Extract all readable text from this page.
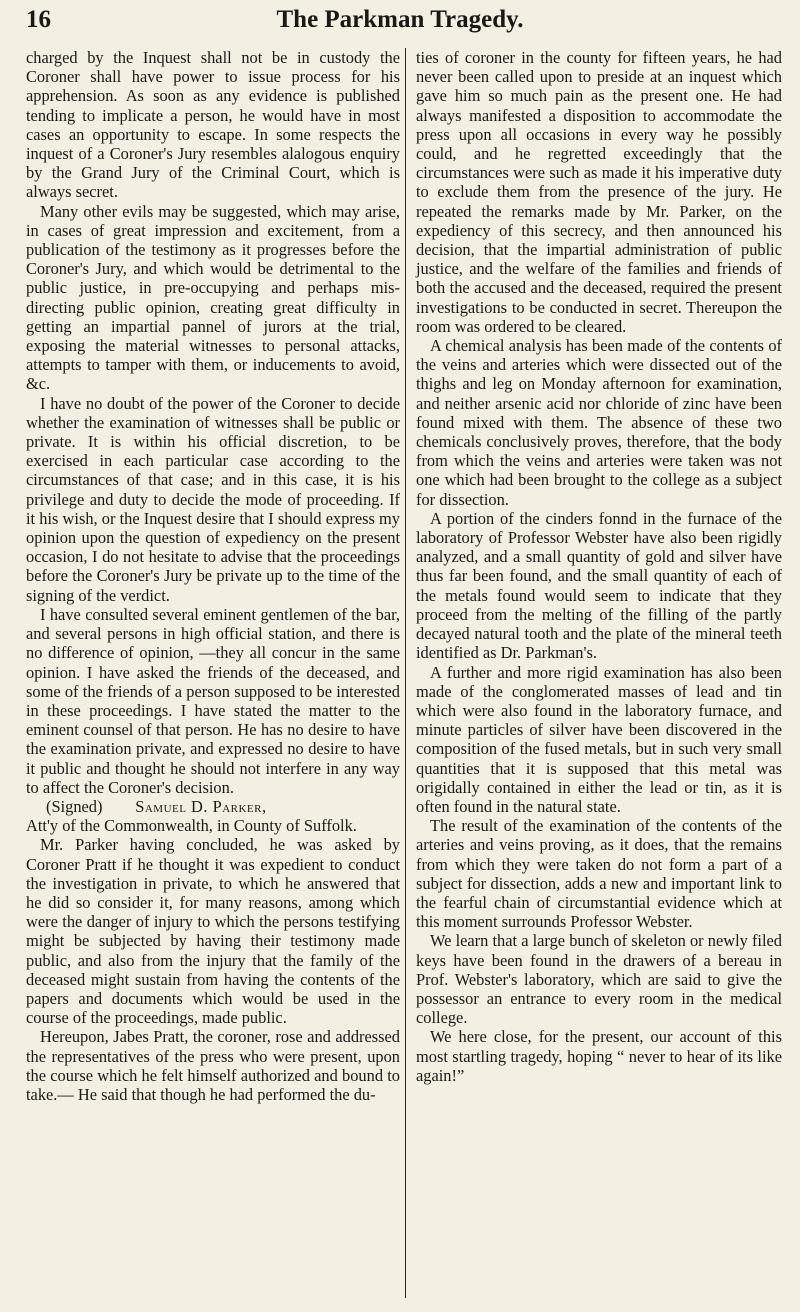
16	The Parkman Tragedy.

charged by the Inquest shall not be in custody the Coroner shall have power to issue process for his apprehension. As soon as any evidence is published tending to implicate a person, he would have in most cases an opportunity to escape. In some respects the inquest of a Coroner's Jury resembles alalogous enquiry by the Grand Jury of the Criminal Court, which is always secret.

Many other evils may be suggested, which may arise, in cases of great impression and excitement, from a publication of the testimony as it progresses before the Coroner's Jury, and which would be detrimental to the public justice, in pre-occupying and perhaps mis-directing public opinion, creating great difficulty in getting an impartial pannel of jurors at the trial, exposing the material witnesses to personal attacks, attempts to tamper with them, or inducements to avoid, &c.

I have no doubt of the power of the Coroner to decide whether the examination of witnesses shall be public or private. It is within his official discretion, to be exercised in each particular case according to the circumstances of that case; and in this case, it is his privilege and duty to decide the mode of proceeding. If it his wish, or the Inquest desire that I should express my opinion upon the question of expediency on the present occasion, I do not hesitate to advise that the proceedings before the Coroner's Jury be private up to the time of the signing of the verdict.

I have consulted several eminent gentlemen of the bar, and several persons in high official station, and there is no difference of opinion, —they all concur in the same opinion. I have asked the friends of the deceased, and some of the friends of a person supposed to be interested in these proceedings. I have stated the matter to the eminent counsel of that person. He has no desire to have the examination private, and expressed no desire to have it public and thought he should not interfere in any way to affect the Coroner's decision.

(Signed) Samuel D. Parker,

Att'y of the Commonwealth, in County of Suffolk.

Mr. Parker having concluded, he was asked by Coroner Pratt if he thought it was expedient to conduct the investigation in private, to which he answered that he did so consider it, for many reasons, among which were the danger of injury to which the persons testifying might be subjected by having their testimony made public, and also from the injury that the family of the deceased might sustain from having the contents of the papers and documents which would be used in the course of the proceedings, made public.

Hereupon, Jabes Pratt, the coroner, rose and addressed the representatives of the press who were present, upon the course which he felt himself authorized and bound to take.— He said that though he had performed the du-

ties of coroner in the county for fifteen years, he had never been called upon to preside at an inquest which gave him so much pain as the present one. He had always manifested a disposition to accommodate the press upon all occasions in every way he possibly could, and he regretted exceedingly that the circumstances were such as made it his imperative duty to exclude them from the presence of the jury. He repeated the remarks made by Mr. Parker, on the expediency of this secrecy, and then announced his decision, that the impartial administration of public justice, and the welfare of the families and friends of both the accused and the deceased, required the present investigations to be conducted in secret. Thereupon the room was ordered to be cleared.

A chemical analysis has been made of the contents of the veins and arteries which were dissected out of the thighs and leg on Monday afternoon for examination, and neither arsenic acid nor chloride of zinc have been found mixed with them. The absence of these two chemicals conclusively proves, therefore, that the body from which the veins and arteries were taken was not one which had been brought to the college as a subject for dissection.

A portion of the cinders fonnd in the furnace of the laboratory of Professor Webster have also been rigidly analyzed, and a small quantity of gold and silver have thus far been found, and the small quantity of each of the metals found would seem to indicate that they proceed from the melting of the filling of the partly decayed natural tooth and the plate of the mineral teeth identified as Dr. Parkman's.

A further and more rigid examination has also been made of the conglomerated masses of lead and tin which were also found in the laboratory furnace, and minute particles of silver have been discovered in the composition of the fused metals, but in such very small quantities that it is supposed that this metal was origidally contained in either the lead or tin, as it is often found in the natural state.

The result of the examination of the contents of the arteries and veins proving, as it does, that the remains from which they were taken do not form a part of a subject for dissection, adds a new and important link to the fearful chain of circumstantial evidence which at this moment surrounds Professor Webster.

We learn that a large bunch of skeleton or newly filed keys have been found in the drawers of a bereau in Prof. Webster's laboratory, which are said to give the possessor an entrance to every room in the medical college.

We here close, for the present, our account of this most startling tragedy, hoping “ never to hear of its like again!”
